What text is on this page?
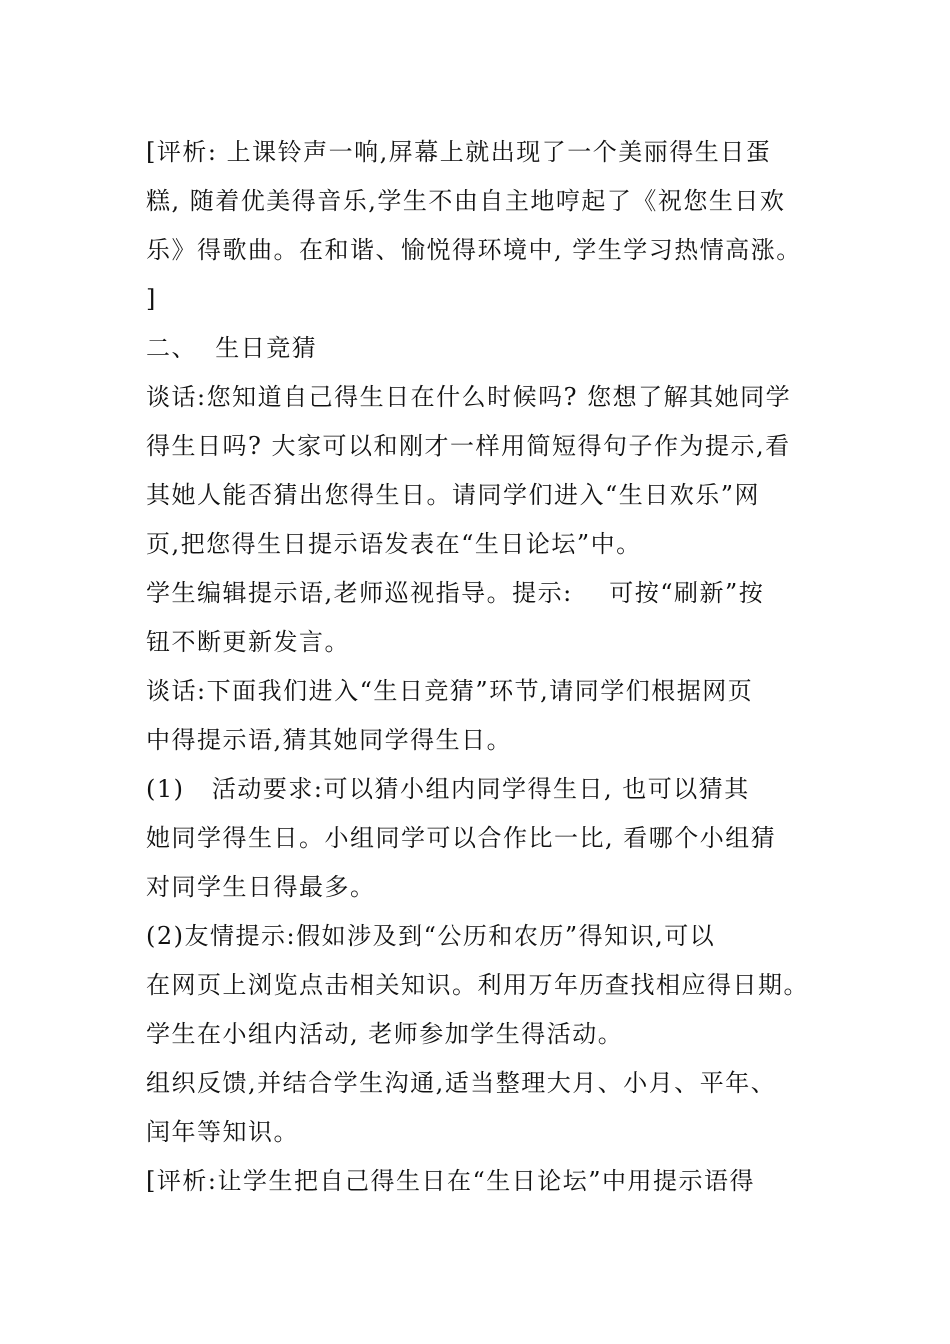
[评析: 上课铃声一响,屏幕上就出现了一个美丽得生日蛋
糕, 随着优美得音乐,学生不由自主地哼起了《祝您生日欢
乐》得歌曲。在和谐、愉悦得环境中, 学生学习热情高涨。
]
二、  生日竞猜
谈话:您知道自己得生日在什么时候吗? 您想了解其她同学
得生日吗? 大家可以和刚才一样用简短得句子作为提示,看
其她人能否猜出您得生日。请同学们进入“生日欢乐”网
页,把您得生日提示语发表在“生日论坛”中。
学生编辑提示语,老师巡视指导。提示:    可按“刷新”按
钮不断更新发言。
谈话:下面我们进入“生日竞猜”环节,请同学们根据网页
中得提示语,猜其她同学得生日。
(1)   活动要求:可以猜小组内同学得生日, 也可以猜其
她同学得生日。小组同学可以合作比一比, 看哪个小组猜
对同学生日得最多。
(2)友情提示:假如涉及到“公历和农历”得知识,可以
在网页上浏览点击相关知识。利用万年历查找相应得日期。
学生在小组内活动, 老师参加学生得活动。
组织反馈,并结合学生沟通,适当整理大月、小月、平年、
闰年等知识。
[评析:让学生把自己得生日在“生日论坛”中用提示语得
